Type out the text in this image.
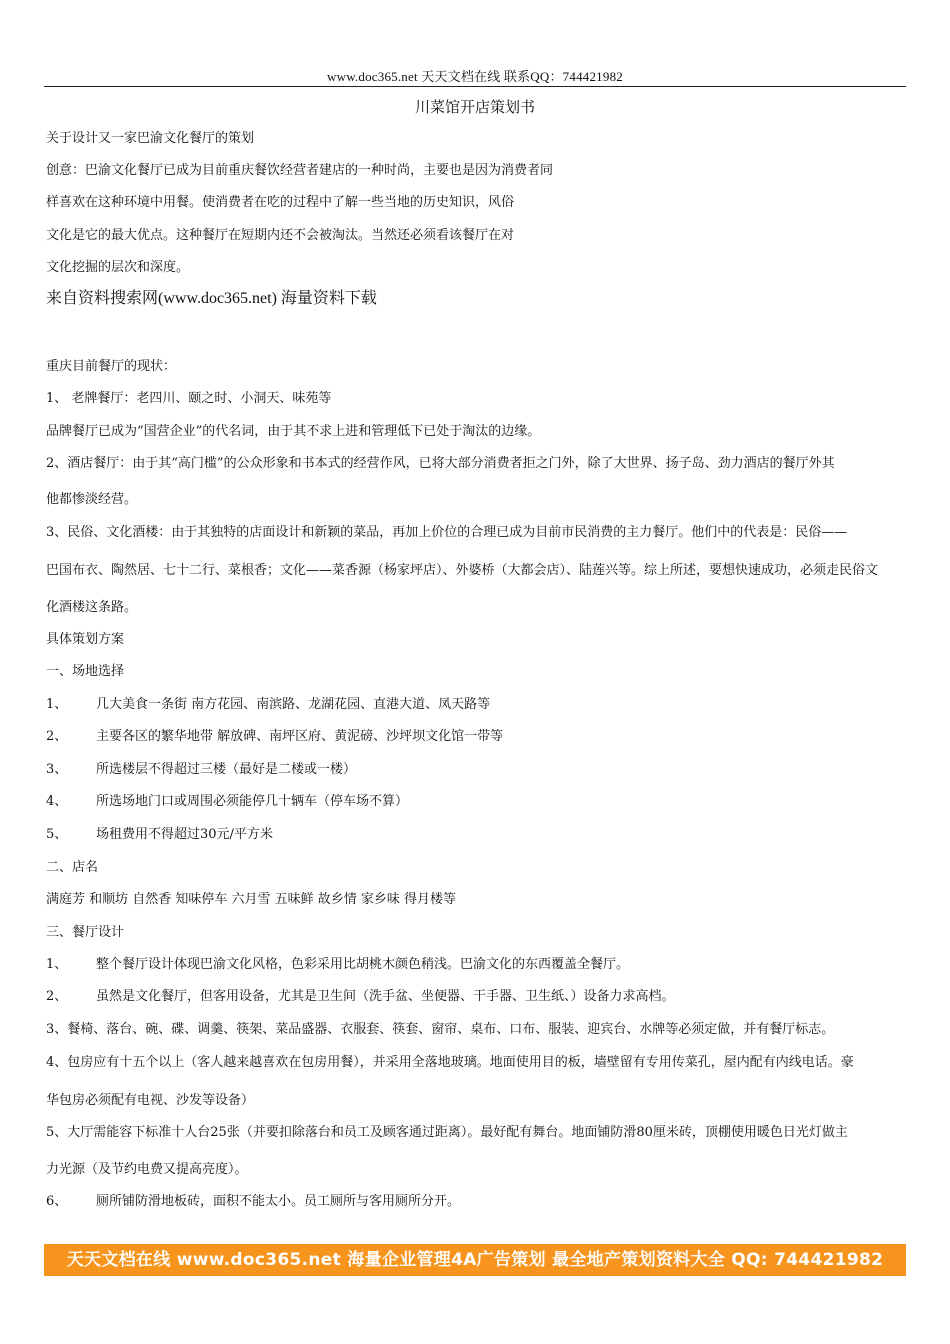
www.doc365.net 天天文档在线 联系QQ：744421982
川菜馆开店策划书
关于设计又一家巴渝文化餐厅的策划
创意：巴渝文化餐厅已成为目前重庆餐饮经营者建店的一种时尚，主要也是因为消费者同
样喜欢在这种环境中用餐。使消费者在吃的过程中了解一些当地的历史知识，风俗
文化是它的最大优点。这种餐厅在短期内还不会被淘汰。当然还必须看该餐厅在对
文化挖掘的层次和深度。
来自资料搜索网(www.doc365.net) 海量资料下载
重庆目前餐厅的现状：
1、 老牌餐厅：老四川、颐之时、小洞天、味苑等
品牌餐厅已成为“国营企业”的代名词，由于其不求上进和管理低下已处于淘汰的边缘。
2、酒店餐厅：由于其“高门槛”的公众形象和书本式的经营作风，已将大部分消费者拒之门外，除了大世界、扬子岛、劲力酒店的餐厅外其
他都惨淡经营。
3、民俗、文化酒楼：由于其独特的店面设计和新颖的菜品，再加上价位的合理已成为目前市民消费的主力餐厅。他们中的代表是：民俗——
巴国布衣、陶然居、七十二行、菜根香；文化——菜香源（杨家坪店）、外婆桥（大都会店）、陆莲兴等。综上所述，要想快速成功，必须走民俗文
化酒楼这条路。
具体策划方案
一、场地选择
1、 几大美食一条街 南方花园、南滨路、龙湖花园、直港大道、凤天路等
2、 主要各区的繁华地带 解放碑、南坪区府、黄泥磅、沙坪坝文化馆一带等
3、 所选楼层不得超过三楼（最好是二楼或一楼）
4、 所选场地门口或周围必须能停几十辆车（停车场不算）
5、 场租费用不得超过30元/平方米
二、店名
满庭芳 和顺坊 自然香 知味停车 六月雪 五味鲜 故乡情 家乡味 得月楼等
三、餐厅设计
1、 整个餐厅设计体现巴渝文化风格，色彩采用比胡桃木颜色稍浅。巴渝文化的东西覆盖全餐厅。
2、 虽然是文化餐厅，但客用设备，尤其是卫生间（洗手盆、坐便器、干手器、卫生纸、）设备力求高档。
3、餐椅、落台、碗、碟、调羹、筷架、菜品盛器、衣服套、筷套、窗帘、桌布、口布、服装、迎宾台、水牌等必须定做，并有餐厅标志。
4、包房应有十五个以上（客人越来越喜欢在包房用餐），并采用全落地玻璃。地面使用目的板，墙壁留有专用传菜孔，屋内配有内线电话。豪
华包房必须配有电视、沙发等设备）
5、大厅需能容下标准十人台25张（并要扣除落台和员工及顾客通过距离）。最好配有舞台。地面铺防滑80厘米砖，顶棚使用暖色日光灯做主
力光源（及节约电费又提高亮度）。
6、 厕所铺防滑地板砖，面积不能太小。员工厕所与客用厕所分开。
天天文档在线 www.doc365.net 海量企业管理4A广告策划 最全地产策划资料大全 QQ: 744421982
